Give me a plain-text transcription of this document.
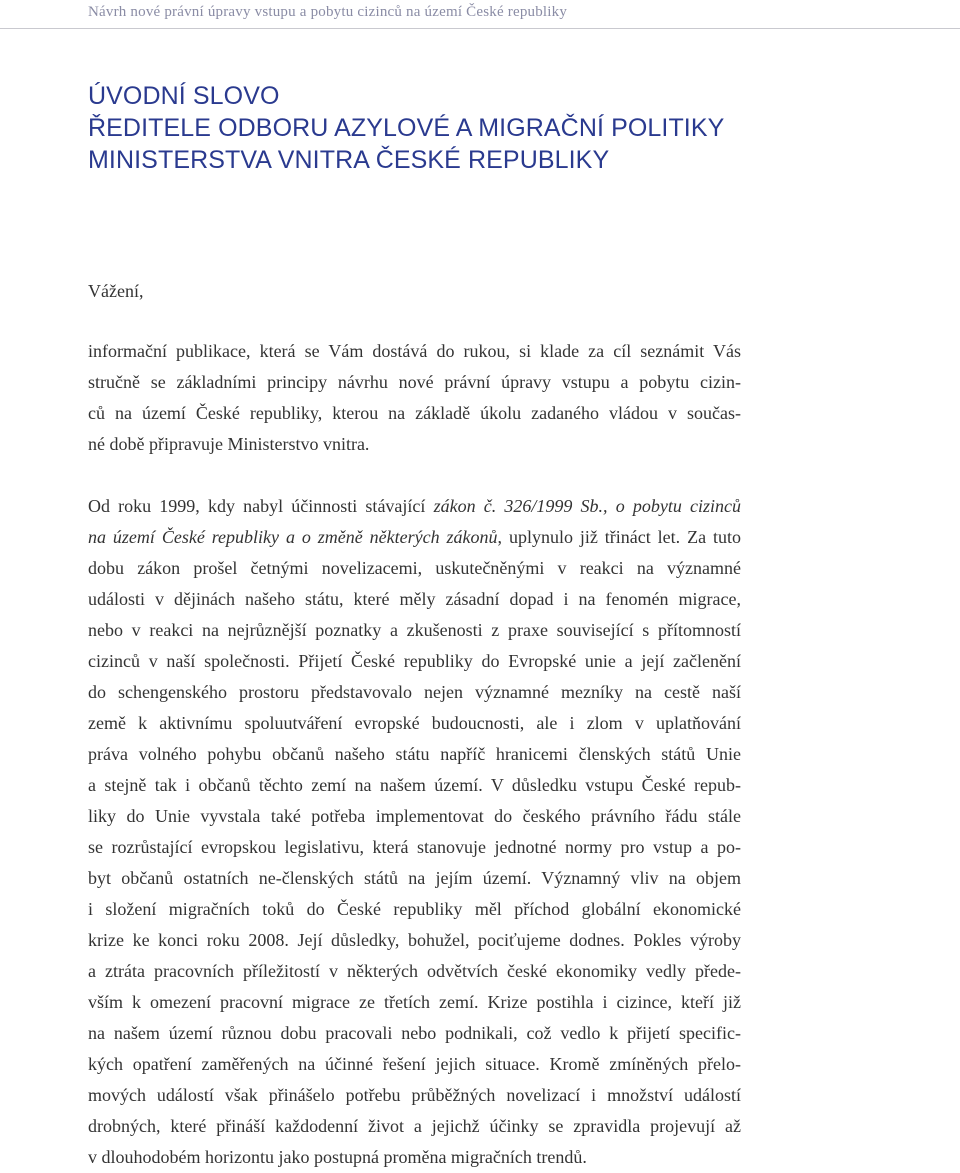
Návrh nové právní úpravy vstupu a pobytu cizinců na území České republiky
ÚVODNÍ SLOVO
ŘEDITELE ODBORU AZYLOVÉ A MIGRAČNÍ POLITIKY
MINISTERSTVA VNITRA ČESKÉ REPUBLIKY
Vážení,
informační publikace, která se Vám dostává do rukou, si klade za cíl seznámit Vás
stručně se základními principy návrhu nové právní úpravy vstupu a pobytu cizin-
ců na území České republiky, kterou na základě úkolu zadaného vládou v součas-
né době připravuje Ministerstvo vnitra.
Od roku 1999, kdy nabyl účinnosti stávající zákon č. 326/1999 Sb., o pobytu cizinců
na území České republiky a o změně některých zákonů, uplynulo již třináct let. Za tuto
dobu zákon prošel četnými novelizacemi, uskutečněnými v reakci na významné
události v dějinách našeho státu, které měly zásadní dopad i na fenomén migrace,
nebo v reakci na nejrůznější poznatky a zkušenosti z praxe související s přítomností
cizinců v naší společnosti. Přijetí České republiky do Evropské unie a její začlenění
do schengenského prostoru představovalo nejen významné mezníky na cestě naší
země k aktivnímu spoluutváření evropské budoucnosti, ale i zlom v uplatňování
práva volného pohybu občanů našeho státu napříč hranicemi členských států Unie
a stejně tak i občanů těchto zemí na našem území. V důsledku vstupu České repub-
liky do Unie vyvstala také potřeba implementovat do českého právního řádu stále
se rozrůstající evropskou legislativu, která stanovuje jednotné normy pro vstup a po-
byt občanů ostatních ne-členských států na jejím území. Významný vliv na objem
i složení migračních toků do České republiky měl příchod globální ekonomické
krize ke konci roku 2008. Její důsledky, bohužel, pociťujeme dodnes. Pokles výroby
a ztráta pracovních příležitostí v některých odvětvích české ekonomiky vedly přede-
vším k omezení pracovní migrace ze třetích zemí. Krize postihla i cizince, kteří již
na našem území různou dobu pracovali nebo podnikali, což vedlo k přijetí specific-
kých opatření zaměřených na účinné řešení jejich situace. Kromě zmíněných přelo-
mových událostí však přinášelo potřebu průběžných novelizací i množství událostí
drobných, které přináší každodenní život a jejichž účinky se zpravidla projevují až
v dlouhodobém horizontu jako postupná proměna migračních trendů.
